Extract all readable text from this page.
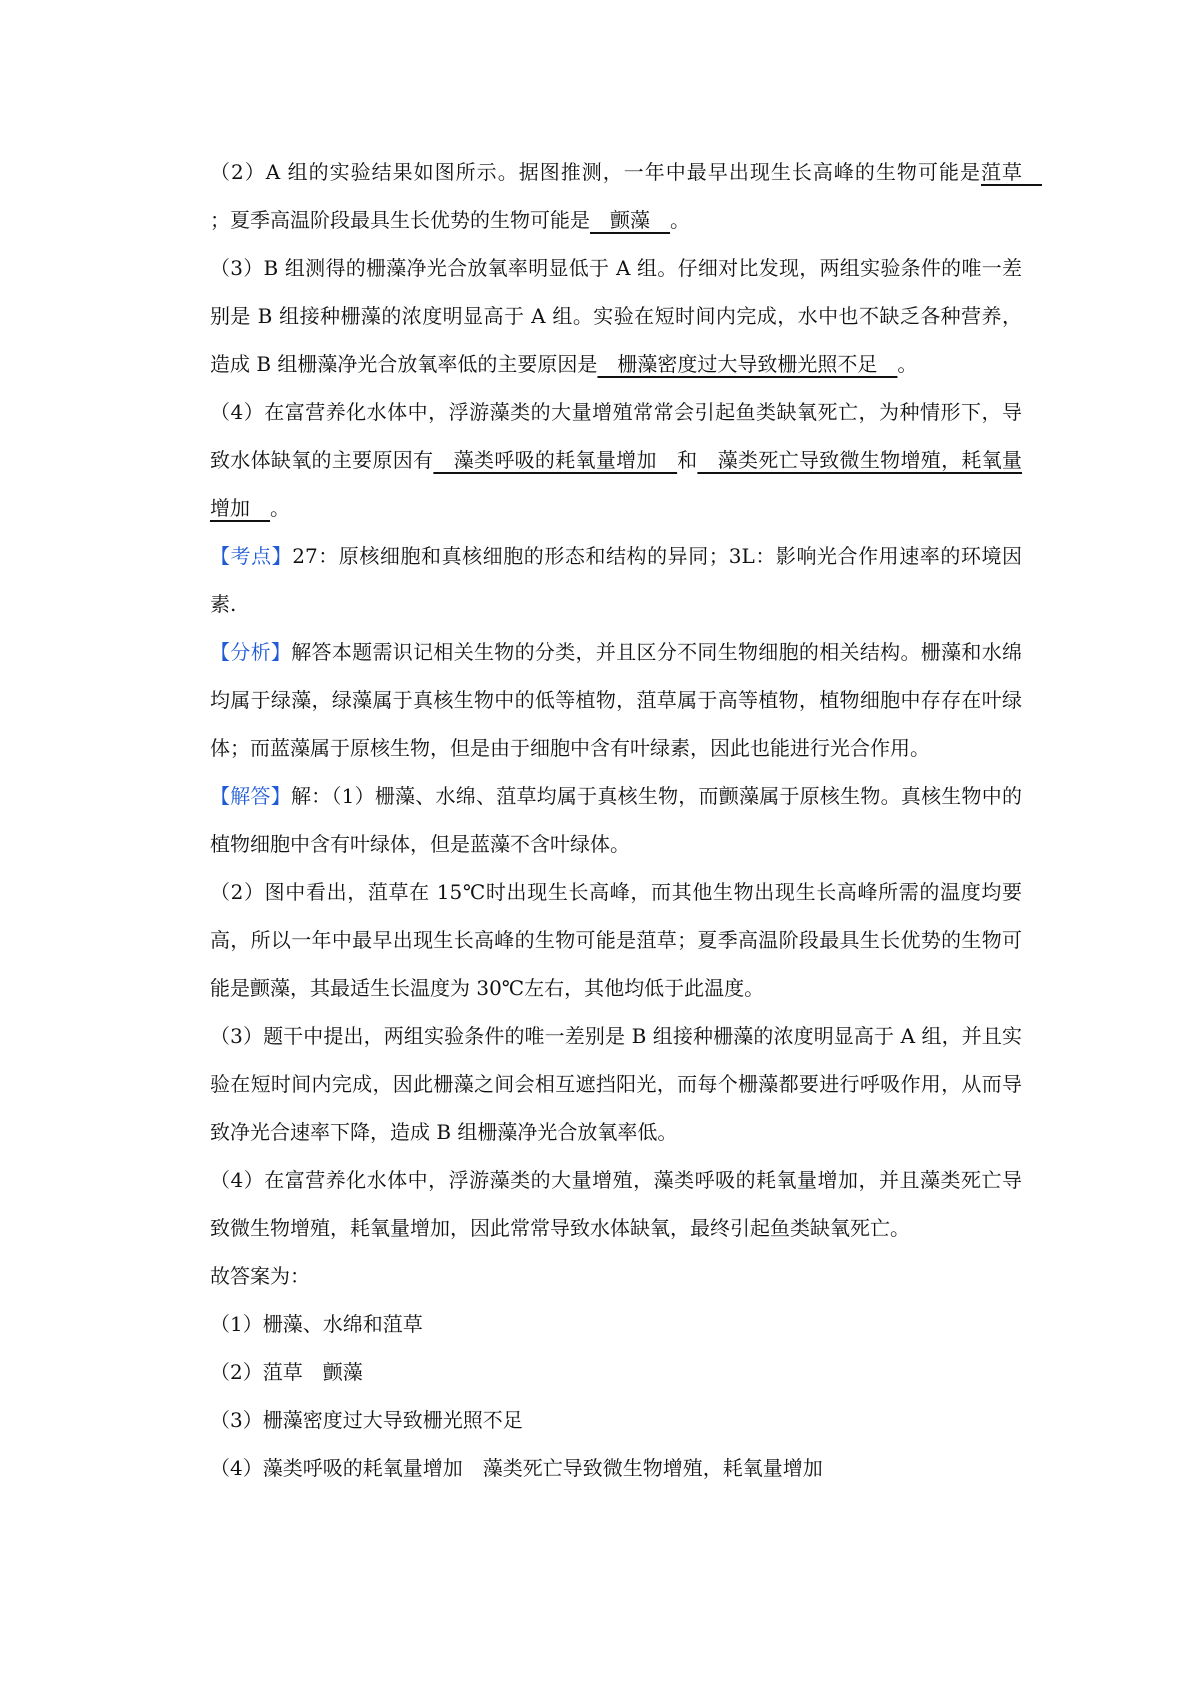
（2）A 组的实验结果如图所示。据图推测，一年中最早出现生长高峰的生物可能是菹草　；夏季高温阶段最具生长优势的生物可能是　颤藻　。

（3）B 组测得的栅藻净光合放氧率明显低于 A 组。仔细对比发现，两组实验条件的唯一差别是 B 组接种栅藻的浓度明显高于 A 组。实验在短时间内完成，水中也不缺乏各种营养，造成 B 组栅藻净光合放氧率低的主要原因是　栅藻密度过大导致栅光照不足　。

（4）在富营养化水体中，浮游藻类的大量增殖常常会引起鱼类缺氧死亡，为种情形下，导致水体缺氧的主要原因有　藻类呼吸的耗氧量增加　和　藻类死亡导致微生物增殖，耗氧量增加　。

【考点】27：原核细胞和真核细胞的形态和结构的异同；3L：影响光合作用速率的环境因素.

【分析】解答本题需识记相关生物的分类，并且区分不同生物细胞的相关结构。栅藻和水绵均属于绿藻，绿藻属于真核生物中的低等植物，菹草属于高等植物，植物细胞中存存在叶绿体；而蓝藻属于原核生物，但是由于细胞中含有叶绿素，因此也能进行光合作用。

【解答】解：（1）栅藻、水绵、菹草均属于真核生物，而颤藻属于原核生物。真核生物中的植物细胞中含有叶绿体，但是蓝藻不含叶绿体。

（2）图中看出，菹草在 15℃时出现生长高峰，而其他生物出现生长高峰所需的温度均要高，所以一年中最早出现生长高峰的生物可能是菹草；夏季高温阶段最具生长优势的生物可能是颤藻，其最适生长温度为 30℃左右，其他均低于此温度。

（3）题干中提出，两组实验条件的唯一差别是 B 组接种栅藻的浓度明显高于 A 组，并且实验在短时间内完成，因此栅藻之间会相互遮挡阳光，而每个栅藻都要进行呼吸作用，从而导致净光合速率下降，造成 B 组栅藻净光合放氧率低。

（4）在富营养化水体中，浮游藻类的大量增殖，藻类呼吸的耗氧量增加，并且藻类死亡导致微生物增殖，耗氧量增加，因此常常导致水体缺氧，最终引起鱼类缺氧死亡。

故答案为：

（1）栅藻、水绵和菹草

（2）菹草　颤藻

（3）栅藻密度过大导致栅光照不足

（4）藻类呼吸的耗氧量增加　藻类死亡导致微生物增殖，耗氧量增加
